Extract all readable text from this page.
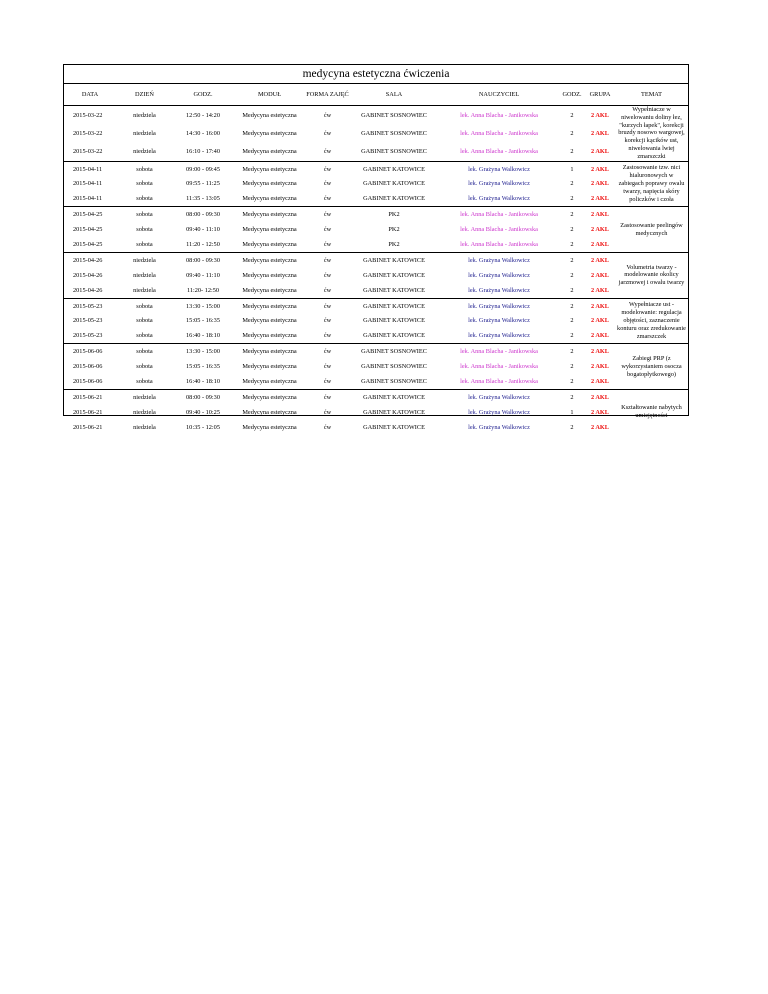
medycyna estetyczna ćwiczenia
DATA	DZIEŃ	GODZ.	MODUŁ	FORMA ZAJĘĆ	SALA	NAUCZYCIEL	GODZ.	GRUPA	TEMAT
2015-03-22	niedziela	12:50 - 14:20	Medycyna estetyczna	ćw	GABINET SOSNOWIEC	lek. Anna Blacha - Janikowska	2	2 AKL	Wypełniacze w niwelowaniu doliny łez, "kurzych łapek", korekcji bruzdy nosowo wargowej, korekcji kącików ust, niwelowania lwiej zmarszczki
2015-03-22	niedziela	14:30 - 16:00	Medycyna estetyczna	ćw	GABINET SOSNOWIEC	lek. Anna Blacha - Janikowska	2	2 AKL	
2015-03-22	niedziela	16:10 - 17:40	Medycyna estetyczna	ćw	GABINET SOSNOWIEC	lek. Anna Blacha - Janikowska	2	2 AKL	
2015-04-11	sobota	09:00 - 09:45	Medycyna estetyczna	ćw	GABINET KATOWICE	lek. Grażyna Walkowicz	1	2 AKL	Zastosowanie tzw. nici hialuronowych w zabiegach poprawy owalu twarzy, napięcia skóry policzków i czoła
2015-04-11	sobota	09:55 - 11:25	Medycyna estetyczna	ćw	GABINET KATOWICE	lek. Grażyna Walkowicz	2	2 AKL	
2015-04-11	sobota	11:35 - 13:05	Medycyna estetyczna	ćw	GABINET KATOWICE	lek. Grażyna Walkowicz	2	2 AKL	
2015-04-25	sobota	08:00 - 09:30	Medycyna estetyczna	ćw	PK2	lek. Anna Blacha - Janikowska	2	2 AKL	Zastosowanie peelingów medycznych
2015-04-25	sobota	09:40 - 11:10	Medycyna estetyczna	ćw	PK2	lek. Anna Blacha - Janikowska	2	2 AKL	
2015-04-25	sobota	11:20 - 12:50	Medycyna estetyczna	ćw	PK2	lek. Anna Blacha - Janikowska	2	2 AKL	
2015-04-26	niedziela	08:00 - 09:30	Medycyna estetyczna	ćw	GABINET KATOWICE	lek. Grażyna Walkowicz	2	2 AKL	Volumetria twarzy - modelowanie okolicy jarzmowej i owalu twarzy
2015-04-26	niedziela	09:40 - 11:10	Medycyna estetyczna	ćw	GABINET KATOWICE	lek. Grażyna Walkowicz	2	2 AKL	
2015-04-26	niedziela	11:20- 12:50	Medycyna estetyczna	ćw	GABINET KATOWICE	lek. Grażyna Walkowicz	2	2 AKL	
2015-05-23	sobota	13:30 - 15:00	Medycyna estetyczna	ćw	GABINET KATOWICE	lek. Grażyna Walkowicz	2	2 AKL	Wypełniacze ust - modelowanie: regulacja objętości, zaznaczenie konturu oraz zredukowanie zmarszczek
2015-05-23	sobota	15:05 - 16:35	Medycyna estetyczna	ćw	GABINET KATOWICE	lek. Grażyna Walkowicz	2	2 AKL	
2015-05-23	sobota	16:40 - 18:10	Medycyna estetyczna	ćw	GABINET KATOWICE	lek. Grażyna Walkowicz	2	2 AKL	
2015-06-06	sobota	13:30 - 15:00	Medycyna estetyczna	ćw	GABINET SOSNOWIEC	lek. Anna Blacha - Janikowska	2	2 AKL	Zabiegi PRP (z wykorzystaniem osocza bogatopłytkowego)
2015-06-06	sobota	15:05 - 16:35	Medycyna estetyczna	ćw	GABINET SOSNOWIEC	lek. Anna Blacha - Janikowska	2	2 AKL	
2015-06-06	sobota	16:40 - 18:10	Medycyna estetyczna	ćw	GABINET SOSNOWIEC	lek. Anna Blacha - Janikowska	2	2 AKL	
2015-06-21	niedziela	08:00 - 09:30	Medycyna estetyczna	ćw	GABINET KATOWICE	lek. Grażyna Walkowicz	2	2 AKL	Kształtowanie nabytych umiejętności
2015-06-21	niedziela	09:40 - 10:25	Medycyna estetyczna	ćw	GABINET KATOWICE	lek. Grażyna Walkowicz	1	2 AKL	
2015-06-21	niedziela	10:35 - 12:05	Medycyna estetyczna	ćw	GABINET KATOWICE	lek. Grażyna Walkowicz	2	2 AKL	
